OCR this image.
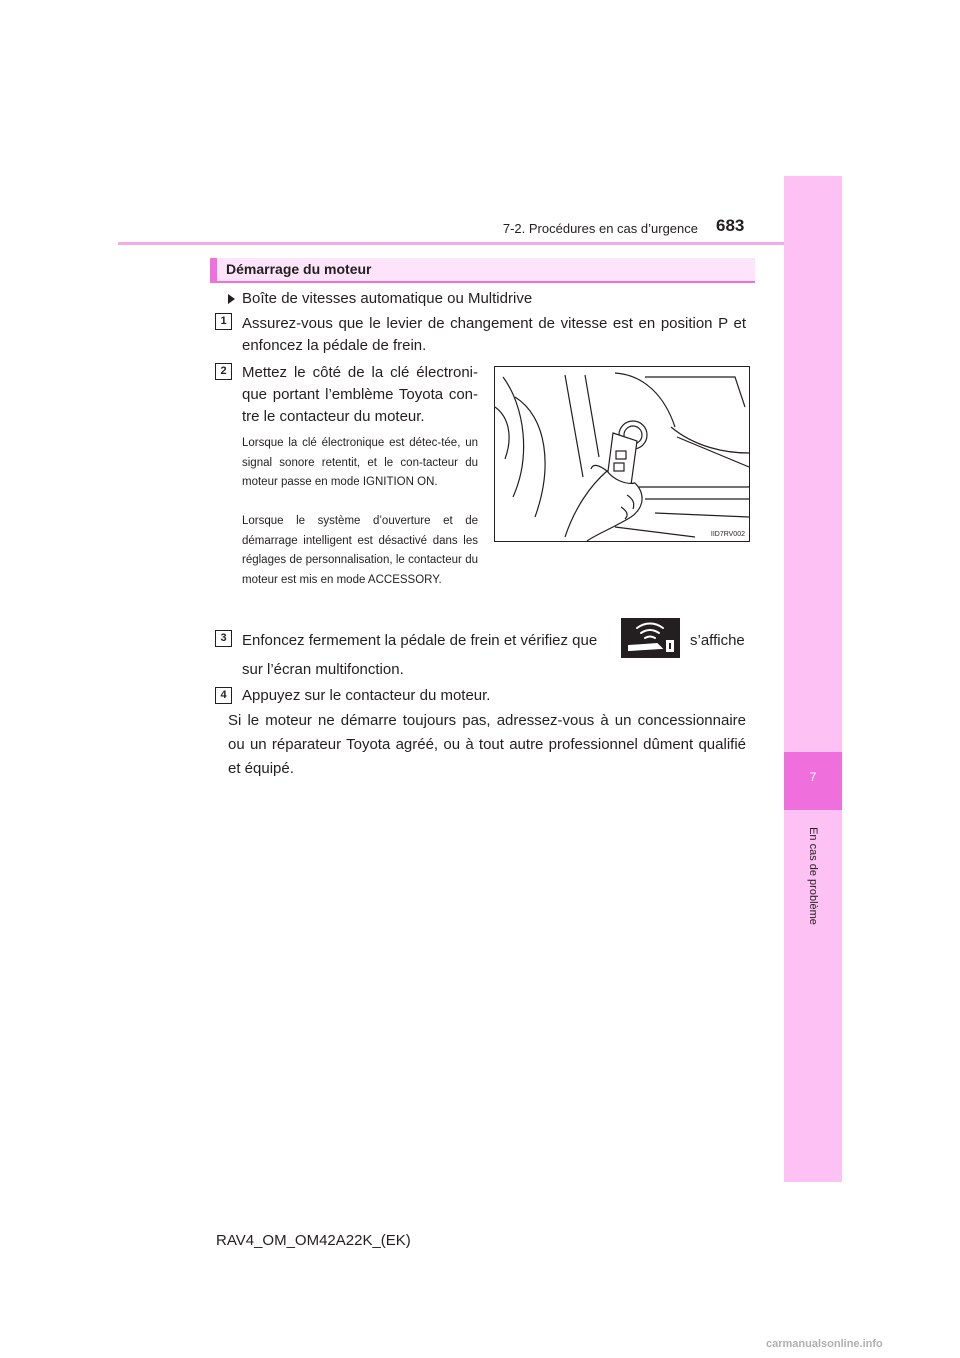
7-2. Procédures en cas d’urgence 683
7
En cas de problème
Démarrage du moteur
Boîte de vitesses automatique ou Multidrive
1	Assurez-vous que le levier de changement de vitesse est en position P et enfoncez la pédale de frein.
2	Mettez le côté de la clé électroni-que portant l’emblème Toyota con-tre le contacteur du moteur.
Lorsque la clé électronique est détec-tée, un signal sonore retentit, et le con-tacteur du moteur passe en mode IGNITION ON.
Lorsque le système d’ouverture et de démarrage intelligent est désactivé dans les réglages de personnalisation, le contacteur du moteur est mis en mode ACCESSORY.
IID7RV002
3	Enfoncez fermement la pédale de frein et vérifiez que	s’affiche
sur l’écran multifonction.
4	Appuyez sur le contacteur du moteur.
Si le moteur ne démarre toujours pas, adressez-vous à un concessionnaire ou un réparateur Toyota agréé, ou à tout autre professionnel dûment qualifié et équipé.
RAV4_OM_OM42A22K_(EK)
carmanualsonline.info
